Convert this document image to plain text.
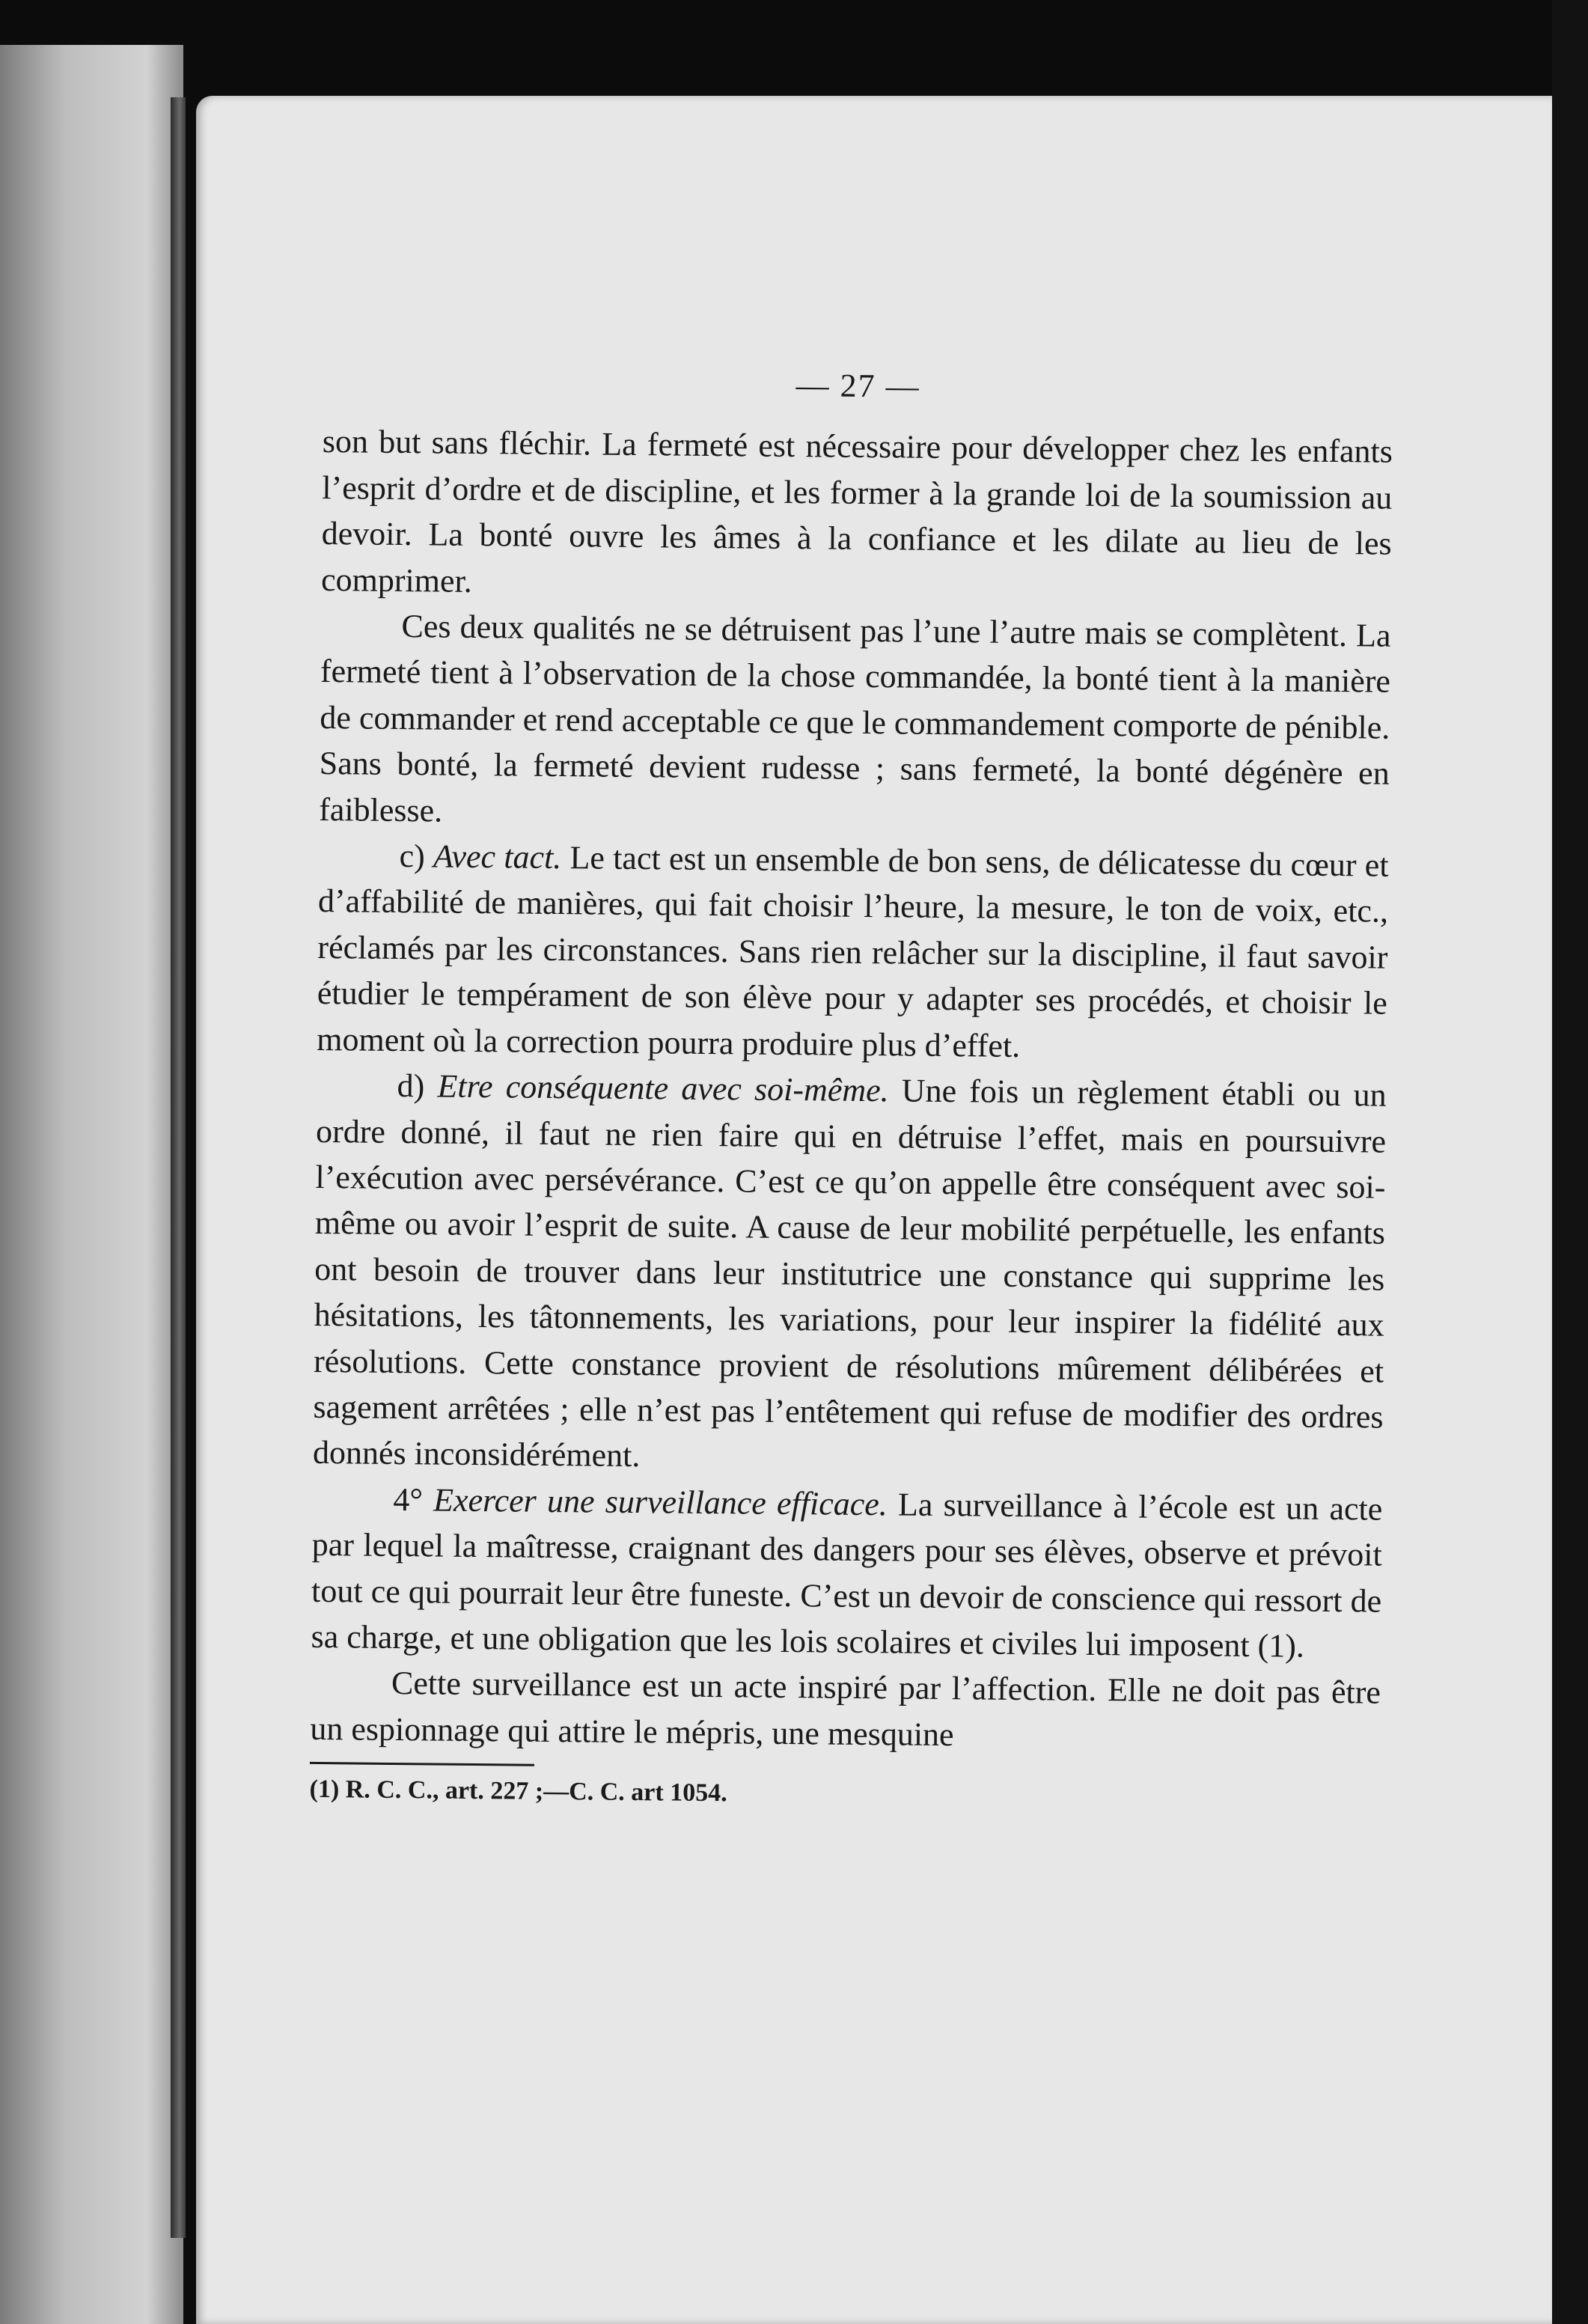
— 27 —

son but sans fléchir. La fermeté est nécessaire pour développer chez les enfants l’esprit d’ordre et de discipline, et les former à la grande loi de la soumission au devoir. La bonté ouvre les âmes à la confiance et les dilate au lieu de les comprimer.

Ces deux qualités ne se détruisent pas l’une l’autre mais se complètent. La fermeté tient à l’observation de la chose commandée, la bonté tient à la manière de commander et rend acceptable ce que le commandement comporte de pénible. Sans bonté, la fermeté devient rudesse ; sans fermeté, la bonté dégénère en faiblesse.

c) Avec tact. Le tact est un ensemble de bon sens, de délicatesse du cœur et d’affabilité de manières, qui fait choisir l’heure, la mesure, le ton de voix, etc., réclamés par les circonstances. Sans rien relâcher sur la discipline, il faut savoir étudier le tempérament de son élève pour y adapter ses procédés, et choisir le moment où la correction pourra produire plus d’effet.

d) Etre conséquente avec soi-même. Une fois un règlement établi ou un ordre donné, il faut ne rien faire qui en détruise l’effet, mais en poursuivre l’exécution avec persévérance. C’est ce qu’on appelle être conséquent avec soi-même ou avoir l’esprit de suite. A cause de leur mobilité perpétuelle, les enfants ont besoin de trouver dans leur institutrice une constance qui supprime les hésitations, les tâtonnements, les variations, pour leur inspirer la fidélité aux résolutions. Cette constance provient de résolutions mûrement délibérées et sagement arrêtées ; elle n’est pas l’entêtement qui refuse de modifier des ordres donnés inconsidérément.

4° Exercer une surveillance efficace. La surveillance à l’école est un acte par lequel la maîtresse, craignant des dangers pour ses élèves, observe et prévoit tout ce qui pourrait leur être funeste. C’est un devoir de conscience qui ressort de sa charge, et une obligation que les lois scolaires et civiles lui imposent (1).

Cette surveillance est un acte inspiré par l’affection. Elle ne doit pas être un espionnage qui attire le mépris, une mesquine

(1) R. C. C., art. 227 ;—C. C. art 1054.
